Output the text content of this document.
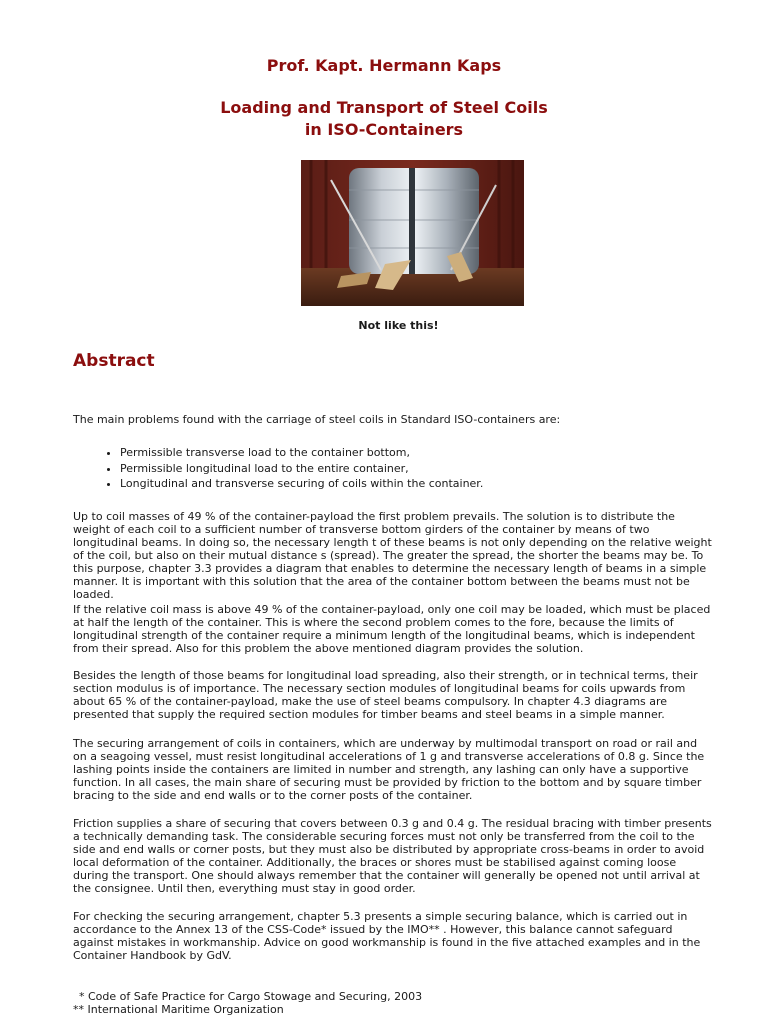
Prof. Kapt. Hermann Kaps
Loading and Transport of Steel Coils
in ISO-Containers

Not like this!

Abstract

The main problems found with the carriage of steel coils in Standard ISO-containers are:

• Permissible transverse load to the container bottom,
• Permissible longitudinal load to the entire container,
• Longitudinal and transverse securing of coils within the container.

Up to coil masses of 49 % of the container-payload the first problem prevails. The solution is to distribute the weight of each coil to a sufficient number of transverse bottom girders of the container by means of two longitudinal beams. In doing so, the necessary length t of these beams is not only depending on the relative weight of the coil, but also on their mutual distance s (spread). The greater the spread, the shorter the beams may be. To this purpose, chapter 3.3 provides a diagram that enables to determine the necessary length of beams in a simple manner. It is important with this solution that the area of the container bottom between the beams must not be loaded.

If the relative coil mass is above 49 % of the container-payload, only one coil may be loaded, which must be placed at half the length of the container. This is where the second problem comes to the fore, because the limits of longitudinal strength of the container require a minimum length of the longitudinal beams, which is independent from their spread. Also for this problem the above mentioned diagram provides the solution.

Besides the length of those beams for longitudinal load spreading, also their strength, or in technical terms, their section modulus is of importance. The necessary section modules of longitudinal beams for coils upwards from about 65 % of the container-payload, make the use of steel beams compulsory. In chapter 4.3 diagrams are presented that supply the required section modules for timber beams and steel beams in a simple manner.

The securing arrangement of coils in containers, which are underway by multimodal transport on road or rail and on a seagoing vessel, must resist longitudinal accelerations of 1 g and transverse accelerations of 0.8 g. Since the lashing points inside the containers are limited in number and strength, any lashing can only have a supportive function. In all cases, the main share of securing must be provided by friction to the bottom and by square timber bracing to the side and end walls or to the corner posts of the container.

Friction supplies a share of securing that covers between 0.3 g and 0.4 g. The residual bracing with timber presents a technically demanding task. The considerable securing forces must not only be transferred from the coil to the side and end walls or corner posts, but they must also be distributed by appropriate cross-beams in order to avoid local deformation of the container. Additionally, the braces or shores must be stabilised against coming loose during the transport. One should always remember that the container will generally be opened not until arrival at the consignee. Until then, everything must stay in good order.

For checking the securing arrangement, chapter 5.3 presents a simple securing balance, which is carried out in accordance to the Annex 13 of the CSS-Code* issued by the IMO** . However, this balance cannot safeguard against mistakes in workmanship. Advice on good workmanship is found in the five attached examples and in the Container Handbook by GdV.

* Code of Safe Practice for Cargo Stowage and Securing, 2003
** International Maritime Organization
